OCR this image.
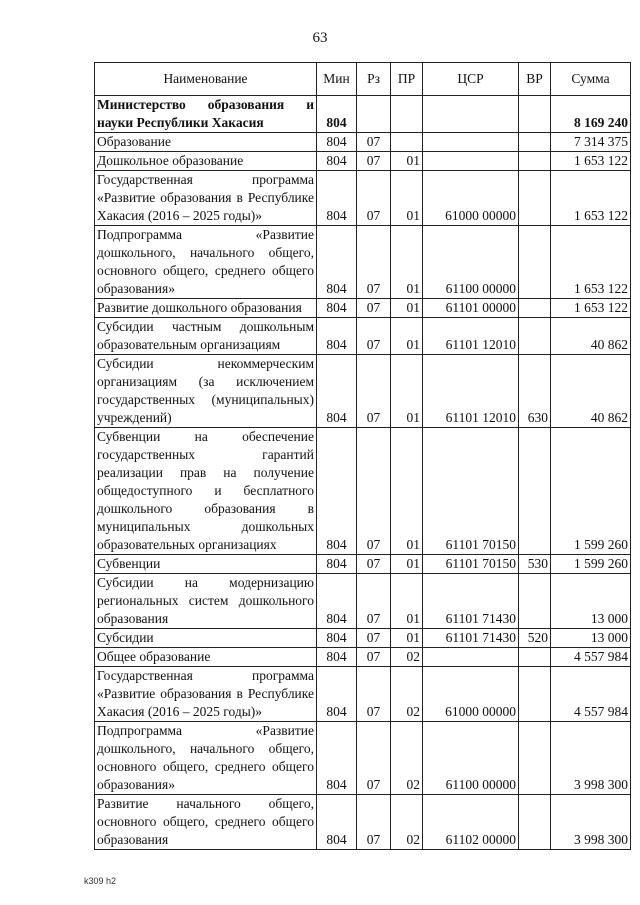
63
Наименование	Мин	Рз	ПР	ЦСР	ВР	Сумма
Министерство образования и науки Республики Хакасия	804					8 169 240
Образование	804	07				7 314 375
Дошкольное образование	804	07	01			1 653 122
Государственная программа «Развитие образования в Республике Хакасия (2016 – 2025 годы)»	804	07	01	61000 00000		1 653 122
Подпрограмма «Развитие дошкольного, начального общего, основного общего, среднего общего образования»	804	07	01	61100 00000		1 653 122
Развитие дошкольного образования	804	07	01	61101 00000		1 653 122
Субсидии частным дошкольным образовательным организациям	804	07	01	61101 12010		40 862
Субсидии некоммерческим организациям (за исключением государственных (муниципальных) учреждений)	804	07	01	61101 12010	630	40 862
Субвенции на обеспечение государственных гарантий реализации прав на получение общедоступного и бесплатного дошкольного образования в муниципальных дошкольных образовательных организациях	804	07	01	61101 70150		1 599 260
Субвенции	804	07	01	61101 70150	530	1 599 260
Субсидии на модернизацию региональных систем дошкольного образования	804	07	01	61101 71430		13 000
Субсидии	804	07	01	61101 71430	520	13 000
Общее образование	804	07	02			4 557 984
Государственная программа «Развитие образования в Республике Хакасия (2016 – 2025 годы)»	804	07	02	61000 00000		4 557 984
Подпрограмма «Развитие дошкольного, начального общего, основного общего, среднего общего образования»	804	07	02	61100 00000		3 998 300
Развитие начального общего, основного общего, среднего общего образования	804	07	02	61102 00000		3 998 300
k309 h2
